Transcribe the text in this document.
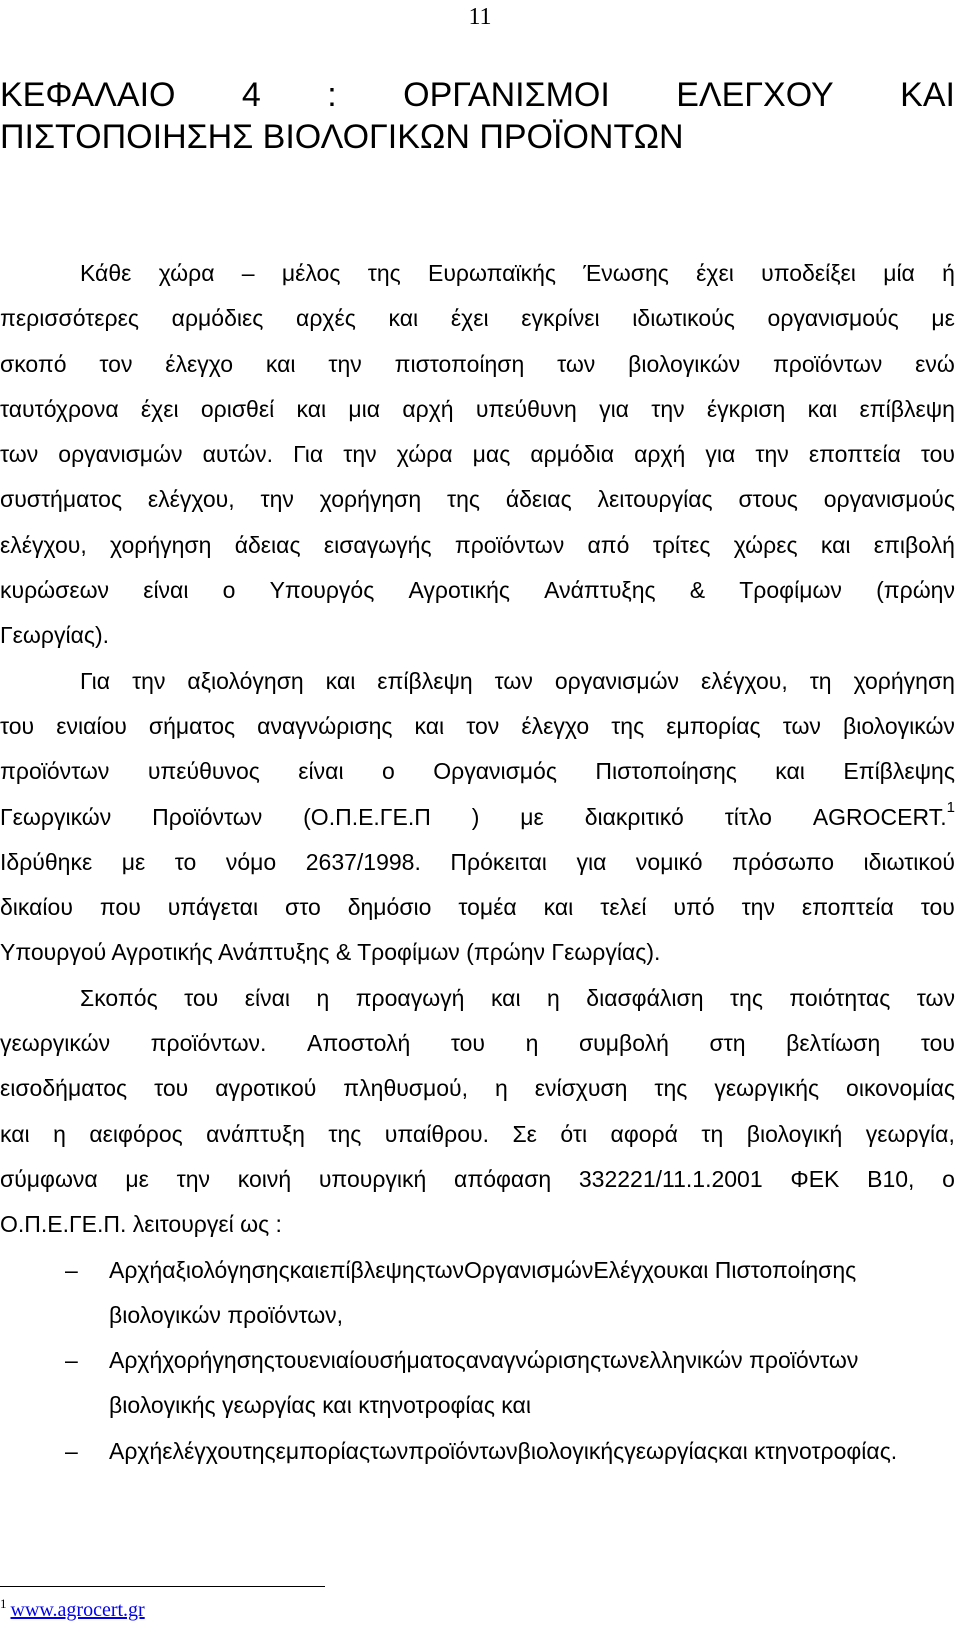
11
ΚΕΦΑΛΑΙΟ 4 : ΟΡΓΑΝΙΣΜΟΙ ΕΛΕΓΧΟΥ ΚΑΙ
ΠΙΣΤΟΠΟΙΗΣΗΣ ΒΙΟΛΟΓΙΚΩΝ ΠΡΟΪΟΝΤΩΝ

Κάθε χώρα – μέλος της Ευρωπαϊκής Ένωσης έχει υποδείξει μία ή
περισσότερες αρμόδιες αρχές και έχει εγκρίνει ιδιωτικούς οργανισμούς με
σκοπό τον έλεγχο και την πιστοποίηση των βιολογικών προϊόντων ενώ
ταυτόχρονα έχει ορισθεί και μια αρχή υπεύθυνη για την έγκριση και επίβλεψη
των οργανισμών αυτών. Για την χώρα μας αρμόδια αρχή για την εποπτεία του
συστήματος ελέγχου, την χορήγηση της άδειας λειτουργίας στους οργανισμούς
ελέγχου, χορήγηση άδειας εισαγωγής προϊόντων από τρίτες χώρες και επιβολή
κυρώσεων είναι ο Υπουργός Αγροτικής Ανάπτυξης & Τροφίμων (πρώην
Γεωργίας).

Για την αξιολόγηση και επίβλεψη των οργανισμών ελέγχου, τη χορήγηση
του ενιαίου σήματος αναγνώρισης και τον έλεγχο της εμπορίας των βιολογικών
προϊόντων υπεύθυνος είναι ο Οργανισμός Πιστοποίησης και Επίβλεψης
Γεωργικών Προϊόντων (Ο.Π.Ε.ΓΕ.Π ) με διακριτικό τίτλο AGROCERT.$^1$
Ιδρύθηκε με το νόμο 2637/1998. Πρόκειται για νομικό πρόσωπο ιδιωτικού
δικαίου που υπάγεται στο δημόσιο τομέα και τελεί υπό την εποπτεία του
Υπουργού Αγροτικής Ανάπτυξης & Τροφίμων (πρώην Γεωργίας).

Σκοπός του είναι η προαγωγή και η διασφάλιση της ποιότητας των
γεωργικών προϊόντων. Αποστολή του η συμβολή στη βελτίωση του
εισοδήματος του αγροτικού πληθυσμού, η ενίσχυση της γεωργικής οικονομίας
και η αειφόρος ανάπτυξη της υπαίθρου. Σε ότι αφορά τη βιολογική γεωργία,
σύμφωνα με την κοινή υπουργική απόφαση 332221/11.1.2001 ΦΕΚ Β10, ο
Ο.Π.Ε.ΓΕ.Π. λειτουργεί ως :

– ΑρχήαξιολόγησηςκαιεπίβλεψηςτωνΟργανισμώνΕλέγχουκαι Πιστοποίησης βιολογικών προϊόντων,
– Αρχήχορήγησηςτουενιαίουσήματοςαναγνώρισηςτωνελληνικών προϊόντων βιολογικής γεωργίας και κτηνοτροφίας και
– Αρχήελέγχουτηςεμπορίαςτωνπροϊόντωνβιολογικήςγεωργίαςκαι κτηνοτροφίας.
$^1$ www.agrocert.gr
